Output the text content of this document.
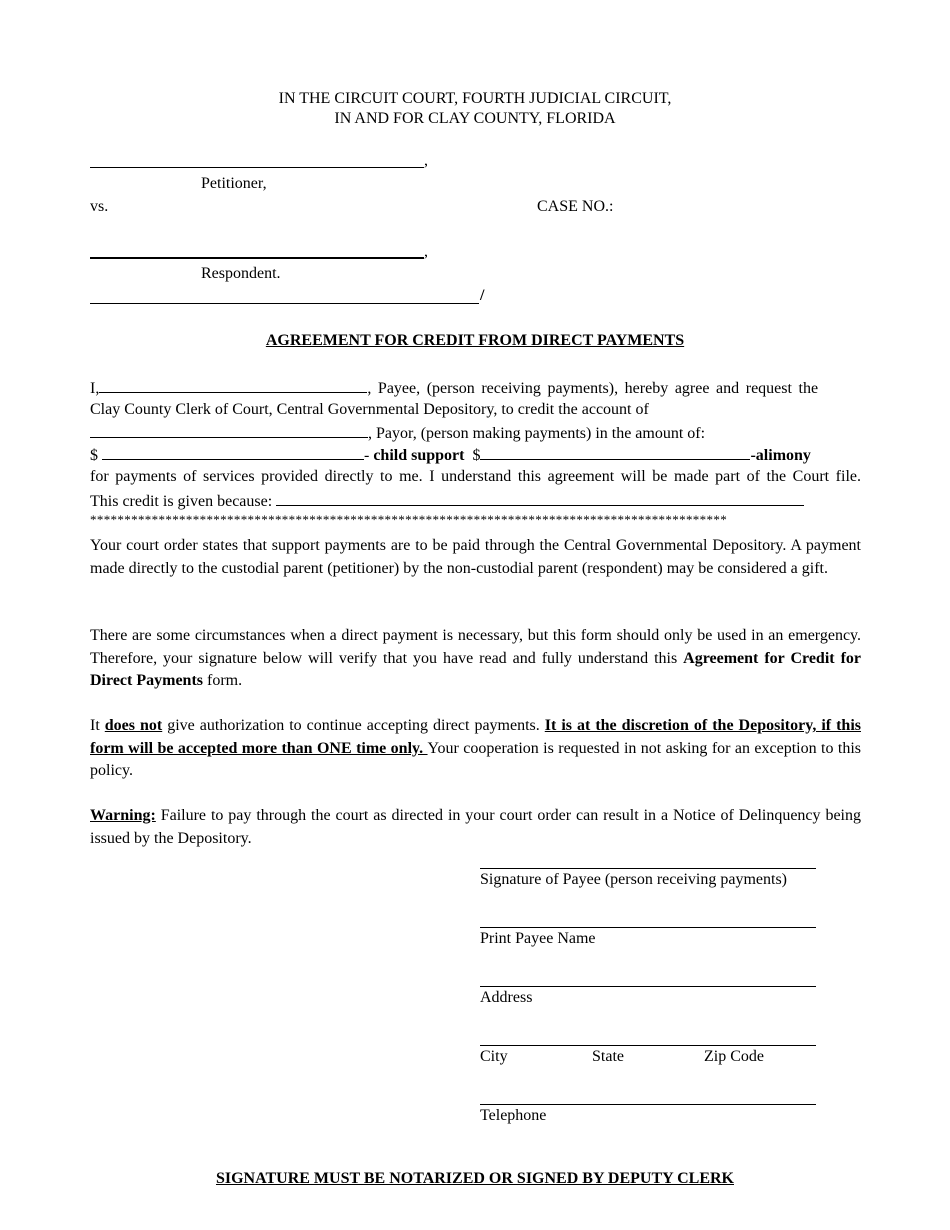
IN THE CIRCUIT COURT, FOURTH JUDICIAL CIRCUIT,
IN AND FOR CLAY COUNTY, FLORIDA
,
Petitioner,
vs.	CASE NO.:
,
Respondent.
/
AGREEMENT FOR CREDIT FROM DIRECT PAYMENTS
I,	, Payee, (person receiving payments), hereby agree and request the
Clay County Clerk of Court, Central Governmental Depository, to credit the account of
, Payor, (person making payments) in the amount of:
$	- child support $	-alimony
for payments of services provided directly to me. I understand this agreement will be made part of the Court file.
This credit is given because:
*********************************************************************************************
Your court order states that support payments are to be paid through the Central Governmental Depository. A payment made directly to the custodial parent (petitioner) by the non-custodial parent (respondent) may be considered a gift.
There are some circumstances when a direct payment is necessary, but this form should only be used in an emergency. Therefore, your signature below will verify that you have read and fully understand this Agreement for Credit for Direct Payments form.
It does not give authorization to continue accepting direct payments. It is at the discretion of the Depository, if this form will be accepted more than ONE time only. Your cooperation is requested in not asking for an exception to this policy.
Warning: Failure to pay through the court as directed in your court order can result in a Notice of Delinquency being issued by the Depository.
Signature of Payee (person receiving payments)
Print Payee Name
Address
City	State	Zip Code
Telephone
SIGNATURE MUST BE NOTARIZED OR SIGNED BY DEPUTY CLERK
